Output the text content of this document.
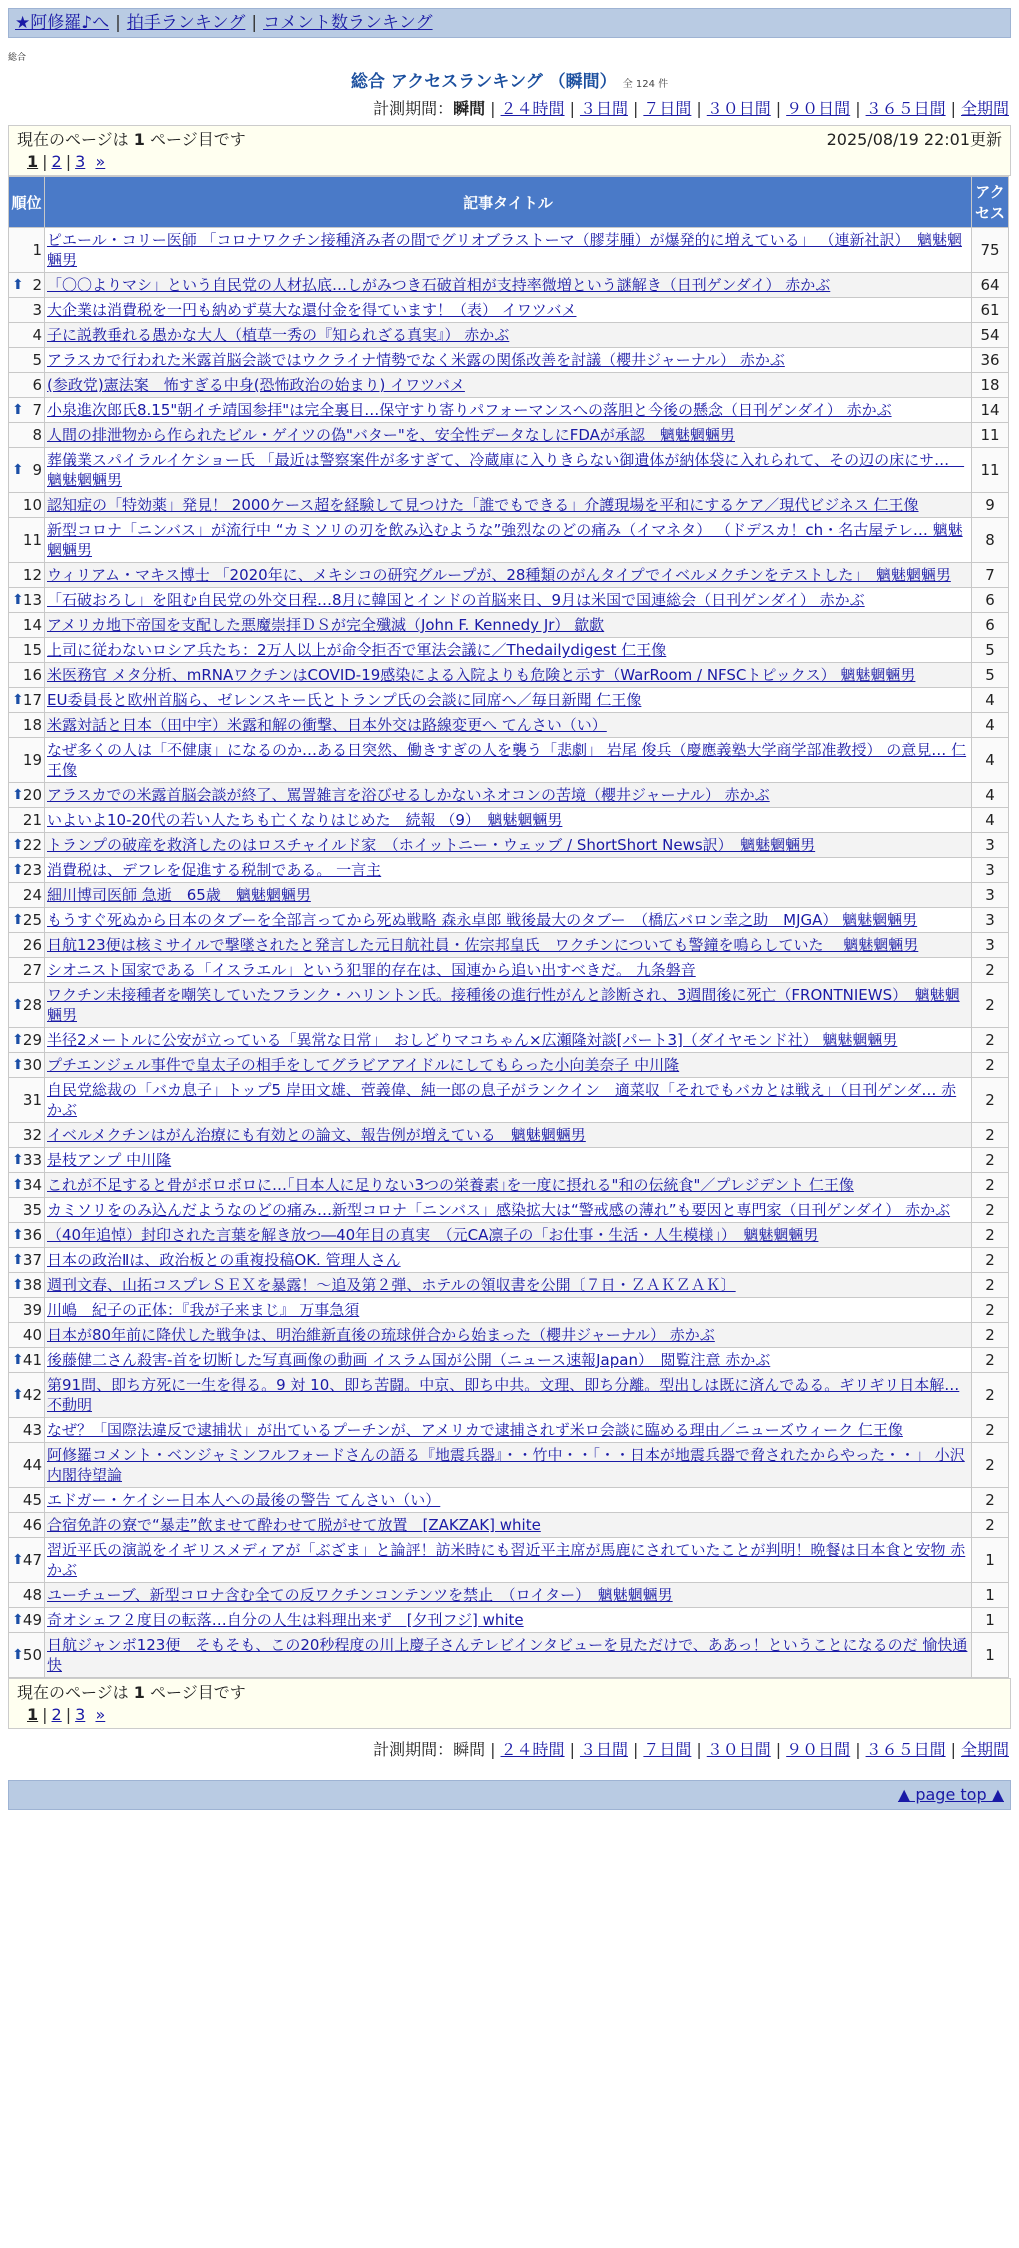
★阿修羅♪へ | 拍手ランキング | コメント数ランキング
総合
総合 アクセスランキング （瞬間） 全 124 件
計測期間：瞬間 | ２４時間 | ３日間 | ７日間 | ３０日間 | ９０日間 | ３６５日間 | 全期間
現在のページは 1 ページ目です	2025/08/19 22:01更新
1 | 2 | 3 »
順位	記事タイトル	アクセス
1	ピエール・コリー医師 「コロナワクチン接種済み者の間でグリオブラストーマ（膠芽腫）が爆発的に増えている」 （連新社訳）　魑魅魍魎男	75

⬆ 2	「〇〇よりマシ」という自民党の人材払底…しがみつき石破首相が支持率微増という謎解き（日刊ゲンダイ） 赤かぶ	64
3	大企業は消費税を一円も納めず莫大な還付金を得ています！（表） イワツバメ	61
4	子に説教垂れる愚かな大人（植草一秀の『知られざる真実』） 赤かぶ	54
5	アラスカで行われた米露首脳会談ではウクライナ情勢でなく米露の関係改善を討議（櫻井ジャーナル） 赤かぶ	36
6	(参政党)憲法案　怖すぎる中身(恐怖政治の始まり) イワツバメ	18

⬆ 7	小泉進次郎氏8.15"朝イチ靖国参拝"は完全裏目…保守すり寄りパフォーマンスへの落胆と今後の懸念（日刊ゲンダイ） 赤かぶ	14
8	人間の排泄物から作られたビル・ゲイツの偽"バター"を、安全性データなしにFDAが承認　魑魅魍魎男	11

⬆ 9	葬儀業スパイラルイケショー氏 「最近は警察案件が多すぎて、冷蔵庫に入りきらない御遺体が納体袋に入れられて、その辺の床にサ…　魑魅魍魎男	11
10	認知症の「特効薬」発見！ 2000ケース超を経験して見つけた「誰でもできる」介護現場を平和にするケア／現代ビジネス 仁王像	9
11	新型コロナ「ニンバス」が流行中 “カミソリの刃を飲み込むような”強烈なのどの痛み（イマネタ） （ドデスカ！ch・名古屋テレ… 魑魅魍魎男	8
12	ウィリアム・マキス博士 「2020年に、メキシコの研究グループが、28種類のがんタイプでイベルメクチンをテストした」　魑魅魍魎男	7

⬆ 13	「石破おろし」を阻む自民党の外交日程…8月に韓国とインドの首脳来日、9月は米国で国連総会（日刊ゲンダイ） 赤かぶ	6
14	アメリカ地下帝国を支配した悪魔崇拝ＤＳが完全殲滅（John F. Kennedy Jr） 歙歔	6
15	上司に従わないロシア兵たち：2万人以上が命令拒否で軍法会議に／Thedailydigest 仁王像	5
16	米医務官 メタ分析、mRNAワクチンはCOVID-19感染による入院よりも危険と示す（WarRoom / NFSCトピックス） 魑魅魍魎男	5

⬆ 17	EU委員長と欧州首脳ら、ゼレンスキー氏とトランプ氏の会談に同席へ／毎日新聞 仁王像	4
18	米露対話と日本（田中宇）米露和解の衝撃、日本外交は路線変更へ てんさい（い）	4
19	なぜ多くの人は「不健康」になるのか…ある日突然、働きすぎの人を襲う「悲劇」 岩尾 俊兵（慶應義塾大学商学部准教授） の意見… 仁王像	4

⬆ 20	アラスカでの米露首脳会談が終了、罵詈雑言を浴びせるしかないネオコンの苦境（櫻井ジャーナル） 赤かぶ	4
21	いよいよ10-20代の若い人たちも亡くなりはじめた　続報 （9）　魑魅魍魎男	4

⬆ 22	トランプの破産を救済したのはロスチャイルド家　（ホイットニー・ウェッブ / ShortShort News訳）　魑魅魍魎男	3

⬆ 23	消費税は、デフレを促進する税制である。 一言主	3
24	細川博司医師 急逝　65歳　魑魅魍魎男	3

⬆ 25	もうすぐ死ぬから日本のタブーを全部言ってから死ぬ戦略 森永卓郎 戦後最大のタブー　（橋広バロン幸之助　MJGA） 魑魅魍魎男	3
26	日航123便は核ミサイルで撃墜されたと発言した元日航社員・佐宗邦皇氏　ワクチンについても警鐘を鳴らしていた　 魑魅魍魎男	3
27	シオニスト国家である「イスラエル」という犯罪的存在は、国連から追い出すべきだ。 九条磐音	2

⬆ 28	ワクチン未接種者を嘲笑していたフランク・ハリントン氏。接種後の進行性がんと診断され、3週間後に死亡（FRONTNIEWS）　魑魅魍魎男	2

⬆ 29	半径2メートルに公安が立っている「異常な日常」　おしどりマコちゃん×広瀬隆対談[パート3]（ダイヤモンド社） 魑魅魍魎男	2

⬆ 30	プチエンジェル事件で皇太子の相手をしてグラビアアイドルにしてもらった小向美奈子 中川隆	2
31	自民党総裁の「バカ息子」トップ5 岸田文雄、菅義偉、純一郎の息子がランクイン　適菜収「それでもバカとは戦え」（日刊ゲンダ… 赤かぶ	2
32	イベルメクチンはがん治療にも有効との論文、報告例が増えている　魑魅魍魎男	2

⬆ 33	是枝アンプ 中川隆	2

⬆ 34	これが不足すると骨がボロボロに…｢日本人に足りない3つの栄養素｣を一度に摂れる"和の伝統食"／プレジデント 仁王像	2
35	カミソリをのみ込んだようなのどの痛み…新型コロナ「ニンバス」感染拡大は“警戒感の薄れ”も要因と専門家（日刊ゲンダイ） 赤かぶ	2

⬆ 36	（40年追悼）封印された言葉を解き放つ―40年目の真実　（元CA凛子の「お仕事・生活・人生模様」）　魑魅魍魎男	2

⬆ 37	日本の政治Ⅱは、政治板との重複投稿OK. 管理人さん	2

⬆ 38	週刊文春、山拓コスプレＳＥＸを暴露！～追及第２弾、ホテルの領収書を公開〔７日・ＺＡＫＺＡＫ〕	2
39	川嶋　紀子の正体：『我が子来まじ』 万事急須	2
40	日本が80年前に降伏した戦争は、明治維新直後の琉球併合から始まった（櫻井ジャーナル） 赤かぶ	2

⬆ 41	後藤健二さん殺害-首を切断した写真画像の動画 イスラム国が公開（ニュース速報Japan）　閲覧注意 赤かぶ	2

⬆ 42	第91問、即ち方死に一生を得る。9 対 10、即ち苦闘。中京、即ち中共。文理、即ち分離。型出しは既に済んでゐる。ギリギリ日本解… 不動明	2
43	なぜ？「国際法違反で逮捕状」が出ているプーチンが、アメリカで逮捕されず米ロ会談に臨める理由／ニューズウィーク 仁王像	2
44	阿修羅コメント・ベンジャミンフルフォードさんの語る『地震兵器』・・竹中・・「・・日本が地震兵器で脅されたからやった・・」 小沢内閣待望論	2
45	エドガー・ケイシー日本人への最後の警告 てんさい（い）	2
46	合宿免許の寮で“暴走”飲ませて酔わせて脱がせて放置　[ZAKZAK] white	2

⬆ 47	習近平氏の演説をイギリスメディアが「ぶざま」と論評！訪米時にも習近平主席が馬鹿にされていたことが判明！晩餐は日本食と安物 赤かぶ	1
48	ユーチューブ、新型コロナ含む全ての反ワクチンコンテンツを禁止　（ロイター）　魑魅魍魎男	1

⬆ 49	奇オシェフ２度目の転落…自分の人生は料理出来ず　[夕刊フジ] white	1

⬆ 50	日航ジャンボ123便　そもそも、この20秒程度の川上慶子さんテレビインタビューを見ただけで、ああっ！ということになるのだ 愉快通快	1
現在のページは 1 ページ目です
1 | 2 | 3 »
計測期間：瞬間 | ２４時間 | ３日間 | ７日間 | ３０日間 | ９０日間 | ３６５日間 | 全期間
▲ page top ▲
